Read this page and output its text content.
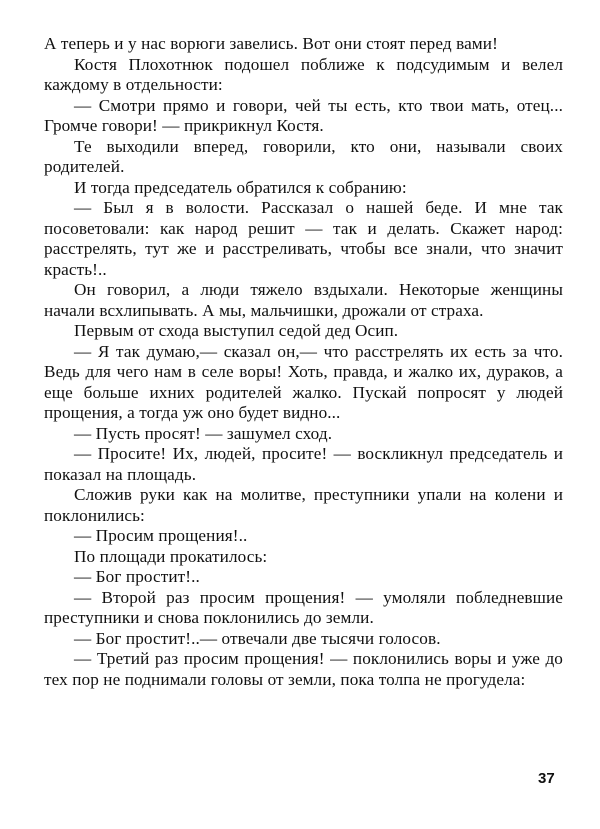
А теперь и у нас ворюги завелись. Вот они стоят перед вами!

Костя Плохотнюк подошел поближе к подсудимым и велел каждому в отдельности:

— Смотри прямо и говори, чей ты есть, кто твои мать, отец... Громче говори! — прикрикнул Костя.

Те выходили вперед, говорили, кто они, называли своих родителей.

И тогда председатель обратился к собранию:

— Был я в волости. Рассказал о нашей беде. И мне так посоветовали: как народ решит — так и делать. Скажет народ: расстрелять, тут же и расстреливать, чтобы все знали, что значит красть!..

Он говорил, а люди тяжело вздыхали. Некоторые женщины начали всхлипывать. А мы, мальчишки, дрожали от страха.

Первым от схода выступил седой дед Осип.

— Я так думаю,— сказал он,— что расстрелять их есть за что. Ведь для чего нам в селе воры! Хоть, правда, и жалко их, дураков, а еще больше ихних родителей жалко. Пускай попросят у людей прощения, а тогда уж оно будет видно...

— Пусть просят! — зашумел сход.

— Просите! Их, людей, просите! — воскликнул председатель и показал на площадь.

Сложив руки как на молитве, преступники упали на колени и поклонились:

— Просим прощения!..

По площади прокатилось:

— Бог простит!..

— Второй раз просим прощения! — умоляли побледневшие преступники и снова поклонились до земли.

— Бог простит!..— отвечали две тысячи голосов.

— Третий раз просим прощения! — поклонились воры и уже до тех пор не поднимали головы от земли, пока толпа не прогудела:

37
